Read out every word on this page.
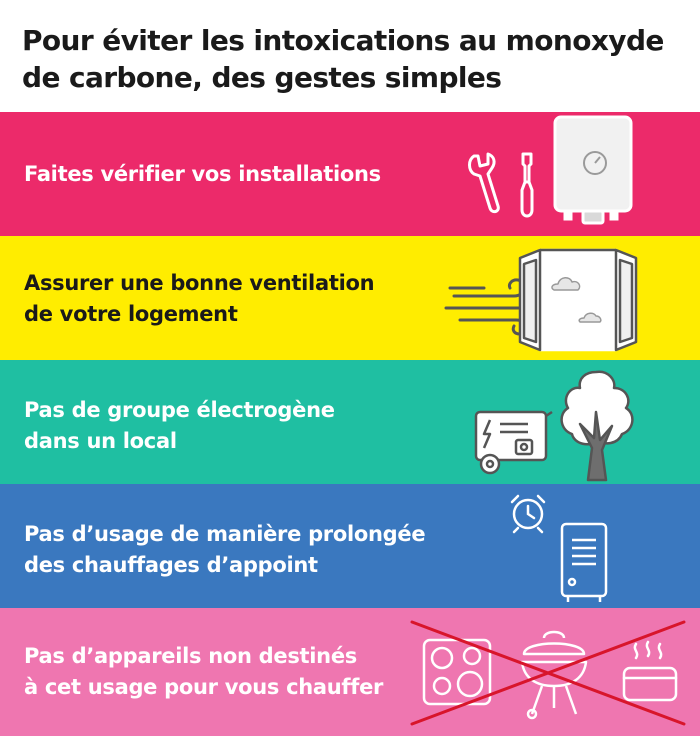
Pour éviter les intoxications au monoxyde
de carbone, des gestes simples

Faites vérifier vos installations

Assurer une bonne ventilation
de votre logement

Pas de groupe électrogène
dans un local

Pas d’usage de manière prolongée
des chauffages d’appoint

Pas d’appareils non destinés
à cet usage pour vous chauffer
